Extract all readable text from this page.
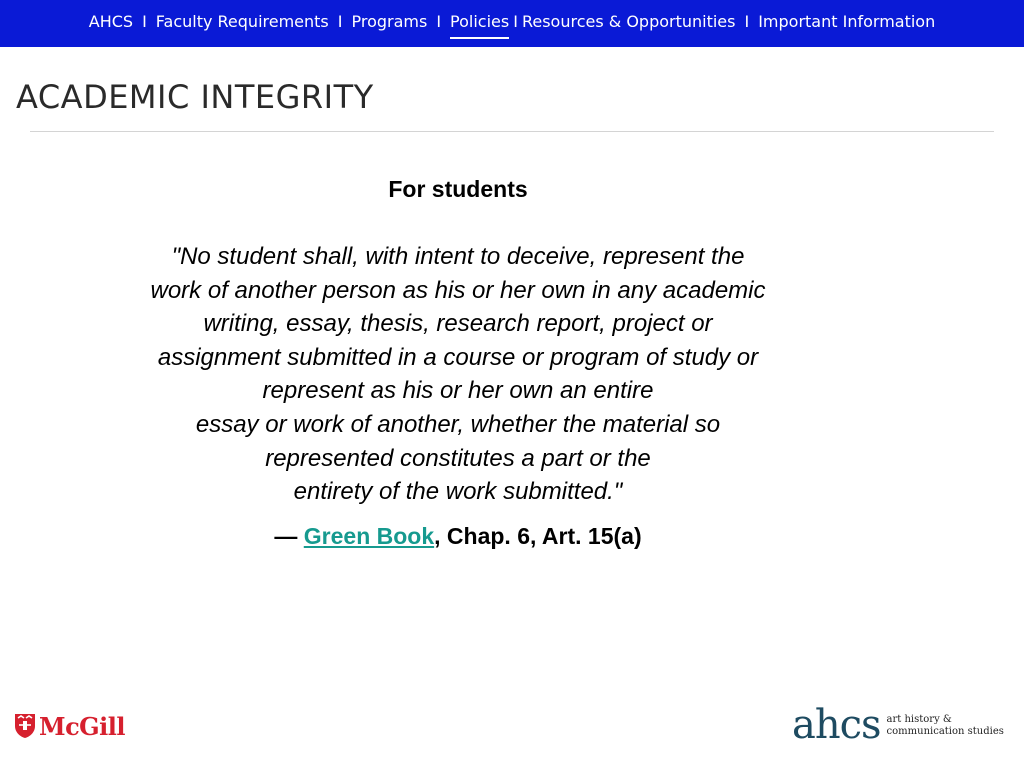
AHCS I Faculty Requirements I Programs I Policies I Resources & Opportunities I Important Information
ACADEMIC INTEGRITY
For students
"No student shall, with intent to deceive, represent the
work of another person as his or her own in any academic
writing, essay, thesis, research report, project or
assignment submitted in a course or program of study or
represent as his or her own an entire
essay or work of another, whether the material so
represented constitutes a part or the
entirety of the work submitted."
— Green Book, Chap. 6, Art. 15(a)
McGill	ahcs art history &
communication studies
